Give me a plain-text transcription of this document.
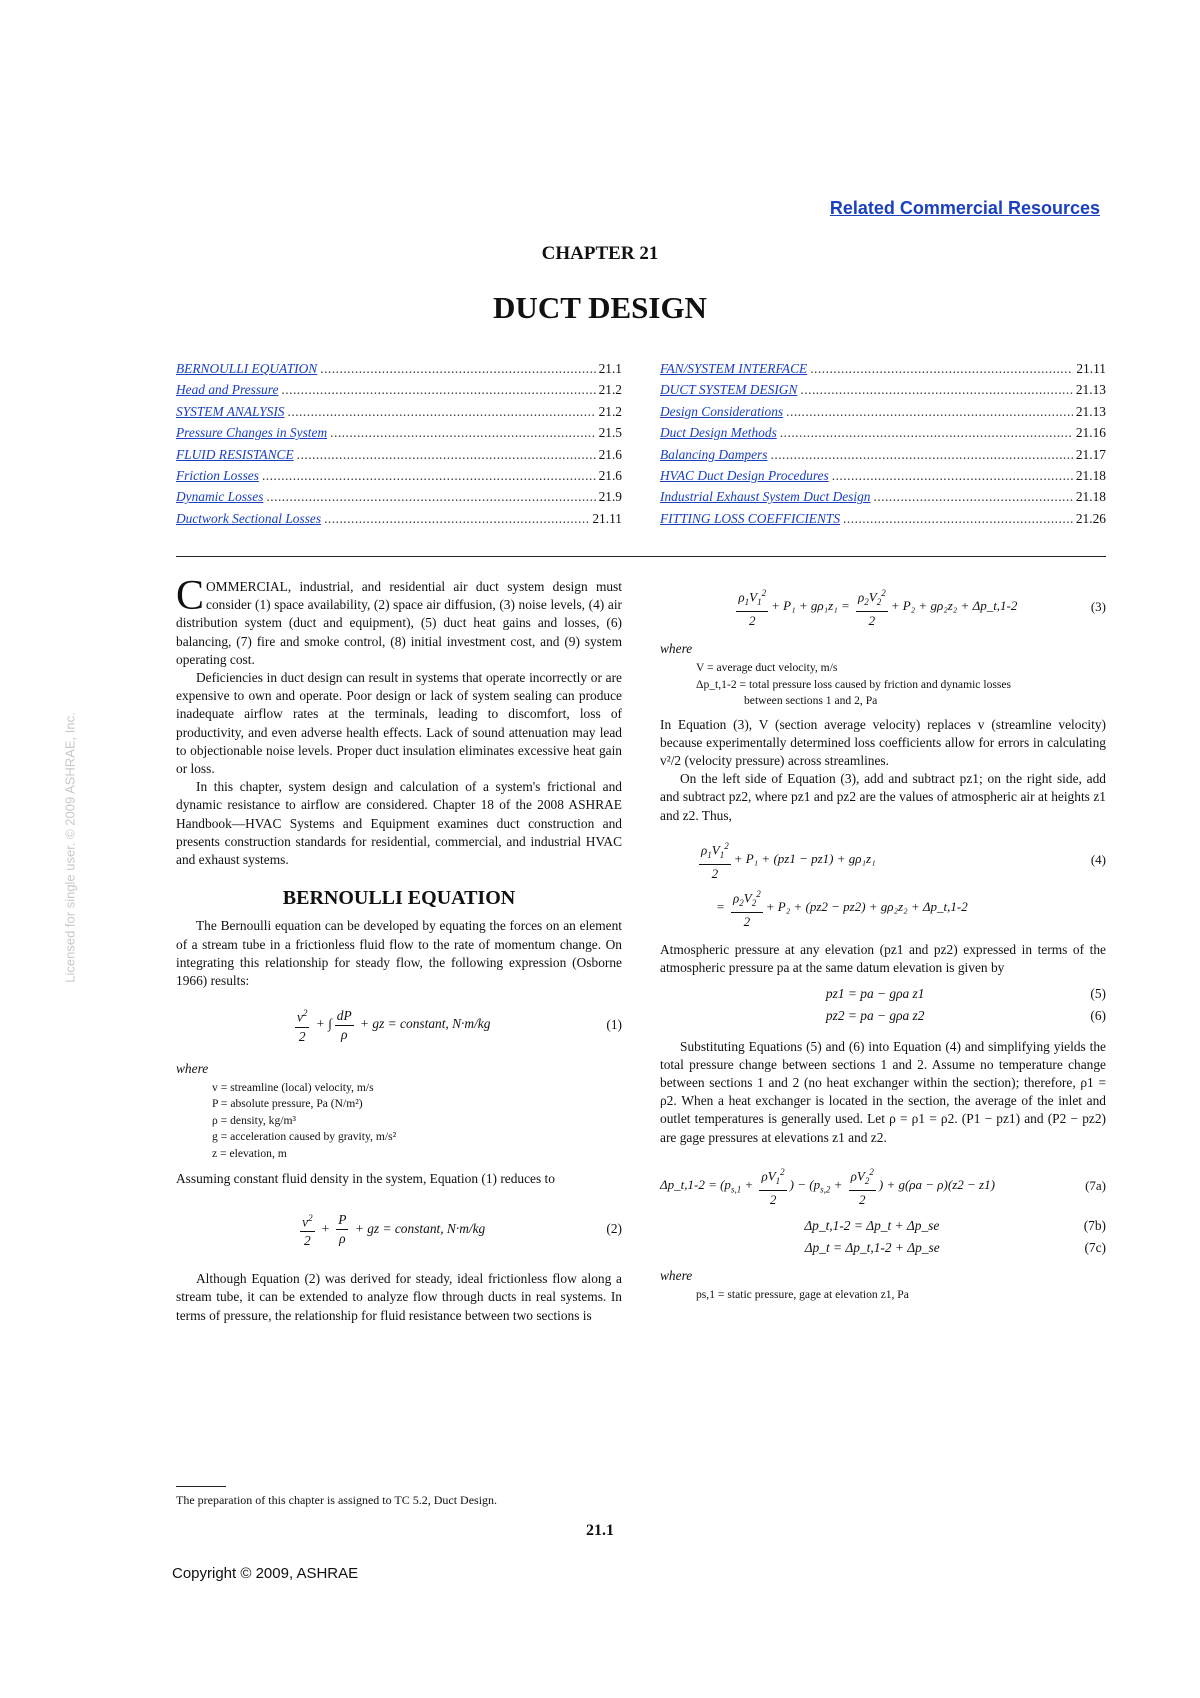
Related Commercial Resources
CHAPTER 21
DUCT DESIGN
BERNOULLI EQUATION .....	21.1
Head and Pressure .....	21.2
SYSTEM ANALYSIS .....	21.2
Pressure Changes in System .....	21.5
FLUID RESISTANCE .....	21.6
Friction Losses .....	21.6
Dynamic Losses .....	21.9
Ductwork Sectional Losses .....	21.11
FAN/SYSTEM INTERFACE .....	21.11
DUCT SYSTEM DESIGN .....	21.13
Design Considerations .....	21.13
Duct Design Methods .....	21.16
Balancing Dampers .....	21.17
HVAC Duct Design Procedures .....	21.18
Industrial Exhaust System Duct Design .....	21.18
FITTING LOSS COEFFICIENTS .....	21.26

COMMERCIAL, industrial, and residential air duct system design must consider (1) space availability, (2) space air diffusion, (3) noise levels, (4) air distribution system (duct and equipment), (5) duct heat gains and losses, (6) balancing, (7) fire and smoke control, (8) initial investment cost, and (9) system operating cost.

Deficiencies in duct design can result in systems that operate incorrectly or are expensive to own and operate. Poor design or lack of system sealing can produce inadequate airflow rates at the terminals, leading to discomfort, loss of productivity, and even adverse health effects. Lack of sound attenuation may lead to objectionable noise levels. Proper duct insulation eliminates excessive heat gain or loss.

In this chapter, system design and calculation of a system's frictional and dynamic resistance to airflow are considered. Chapter 18 of the 2008 ASHRAE Handbook—HVAC Systems and Equipment examines duct construction and presents construction standards for residential, commercial, and industrial HVAC and exhaust systems.

BERNOULLI EQUATION

The Bernoulli equation can be developed by equating the forces on an element of a stream tube in a frictionless fluid flow to the rate of momentum change. On integrating this relationship for steady flow, the following expression (Osborne 1966) results:

$\frac{v^2}{2}$ + ∫ $\frac{dP}{\rho}$ + gz = constant, N·m/kg	(1)
where
v = streamline (local) velocity, m/s
P = absolute pressure, Pa (N/m²)
ρ = density, kg/m³
g = acceleration caused by gravity, m/s²
z = elevation, m

Assuming constant fluid density in the system, Equation (1) reduces to

$\frac{v^2}{2} + \frac{P}{\rho}$ + gz = constant, N·m/kg	(2)

Although Equation (2) was derived for steady, ideal frictionless flow along a stream tube, it can be extended to analyze flow through ducts in real systems. In terms of pressure, the relationship for fluid resistance between two sections is

$\frac{\rho_1V_1^2}{2} + P_1 + g\rho_1z_1 = \frac{\rho_2V_2^2}{2} + P_2 + g\rho_2z_2$ + Δp_t,1-2	(3)
where
V = average duct velocity, m/s
Δp_t,1-2 = total pressure loss caused by friction and dynamic losses
between sections 1 and 2, Pa

In Equation (3), V (section average velocity) replaces v (streamline velocity) because experimentally determined loss coefficients allow for errors in calculating v²/2 (velocity pressure) across streamlines.

On the left side of Equation (3), add and subtract pz1; on the right side, add and subtract pz2, where pz1 and pz2 are the values of atmospheric air at heights z1 and z2. Thus,

$\frac{\rho_1V_1^2}{2} + P_1 + (pz1 - pz1) + g\rho_1z_1$	(4)
= $\frac{\rho_2V_2^2}{2} + P_2 + (pz2 - pz2) + g\rho_2z_2$ + Δp_t,1-2

Atmospheric pressure at any elevation (pz1 and pz2) expressed in terms of the atmospheric pressure pa at the same datum elevation is given by

pz1 = pa − gρa z1	(5)
pz2 = pa − gρa z2	(6)

Substituting Equations (5) and (6) into Equation (4) and simplifying yields the total pressure change between sections 1 and 2. Assume no temperature change between sections 1 and 2 (no heat exchanger within the section); therefore, ρ1 = ρ2. When a heat exchanger is located in the section, the average of the inlet and outlet temperatures is generally used. Let ρ = ρ1 = ρ2. (P1 − pz1) and (P2 − pz2) are gage pressures at elevations z1 and z2.

Δp_t,1-2 = ($p_{s,1} + \frac{\rho V_1^2}{2}$ ) − ($p_{s,2} + \frac{\rho V_2^2}{2}$ ) + g(ρa − ρ)(z2 − z1)	(7a)
Δp_t,1-2 = Δp_t + Δp_se	(7b)
Δp_t = Δp_t,1-2 + Δp_se	(7c)
where
ps,1 = static pressure, gage at elevation z1, Pa
The preparation of this chapter is assigned to TC 5.2, Duct Design.
21.1
Copyright © 2009, ASHRAE
Licensed for single user. © 2009 ASHRAE, Inc.
